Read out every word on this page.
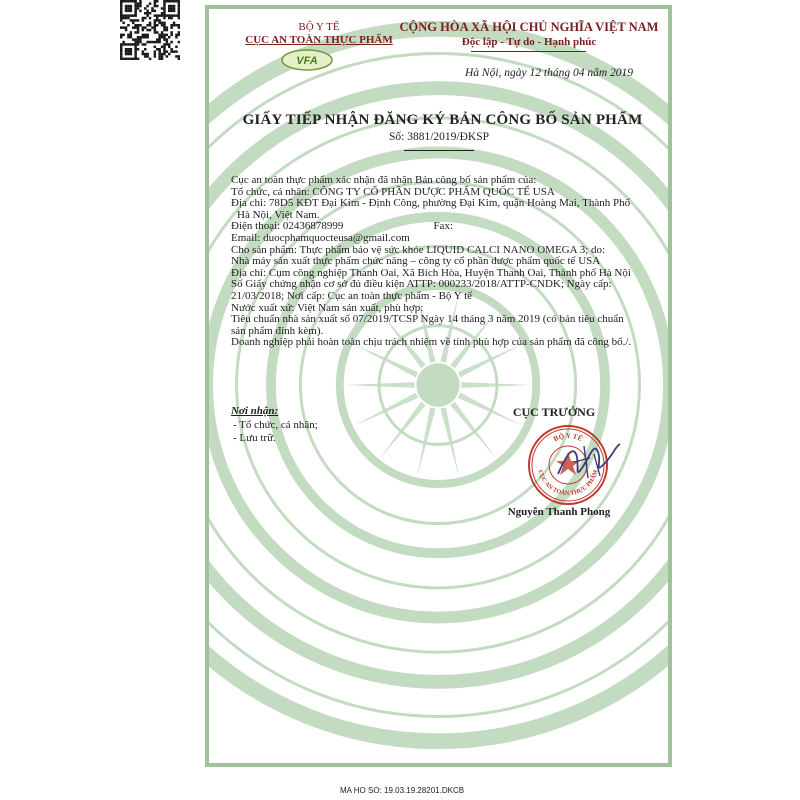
BỘ Y TẾ
CỤC AN TOÀN THỰC PHẨM
VFA
CỘNG HÒA XÃ HỘI CHỦ NGHĨA VIỆT NAM
Độc lập - Tự do - Hạnh phúc
Hà Nội, ngày 12 tháng 04 năm 2019
GIẤY TIẾP NHẬN ĐĂNG KÝ BẢN CÔNG BỐ SẢN PHẨM
Số: 3881/2019/ĐKSP
Cục an toàn thực phẩm xác nhận đã nhận Bản công bố sản phẩm của:
Tổ chức, cá nhân: CÔNG TY CỔ PHẦN DƯỢC PHẨM QUỐC TẾ USA
Địa chỉ: 78D5 KĐT Đại Kim - Định Công, phường Đại Kim, quận Hoàng Mai, Thành Phố
Hà Nội, Việt Nam.
Điện thoại: 02436878999	Fax:
Email: duocphamquocteusa@gmail.com
Cho sản phẩm: Thực phẩm bảo vệ sức khỏe LIQUID CALCI NANO OMEGA 3; do:
Nhà máy sản xuất thực phẩm chức năng – công ty cổ phần dược phẩm quốc tế USA
Địa chỉ: Cụm công nghiệp Thanh Oai, Xã Bích Hòa, Huyện Thanh Oai, Thành phố Hà Nội
Số Giấy chứng nhận cơ sở đủ điều kiện ATTP: 000233/2018/ATTP-CNDK; Ngày cấp:
21/03/2018; Nơi cấp: Cục an toàn thực phẩm - Bộ Y tế
Nước xuất xứ: Việt Nam sản xuất, phù hợp:
Tiêu chuẩn nhà sản xuất số 07/2019/TCSP Ngày 14 tháng 3 năm 2019 (có bản tiêu chuẩn
sản phẩm đính kèm).
Doanh nghiệp phải hoàn toàn chịu trách nhiệm về tính phù hợp của sản phẩm đã công bố./.
Nơi nhận:
- Tổ chức, cá nhân;
- Lưu trữ.
CỤC TRƯỞNG
BỘ Y TẾ
CỤC AN TOÀN THỰC PHẨM
Nguyễn Thanh Phong
MA HO SO: 19.03.19.28201.DKCB
